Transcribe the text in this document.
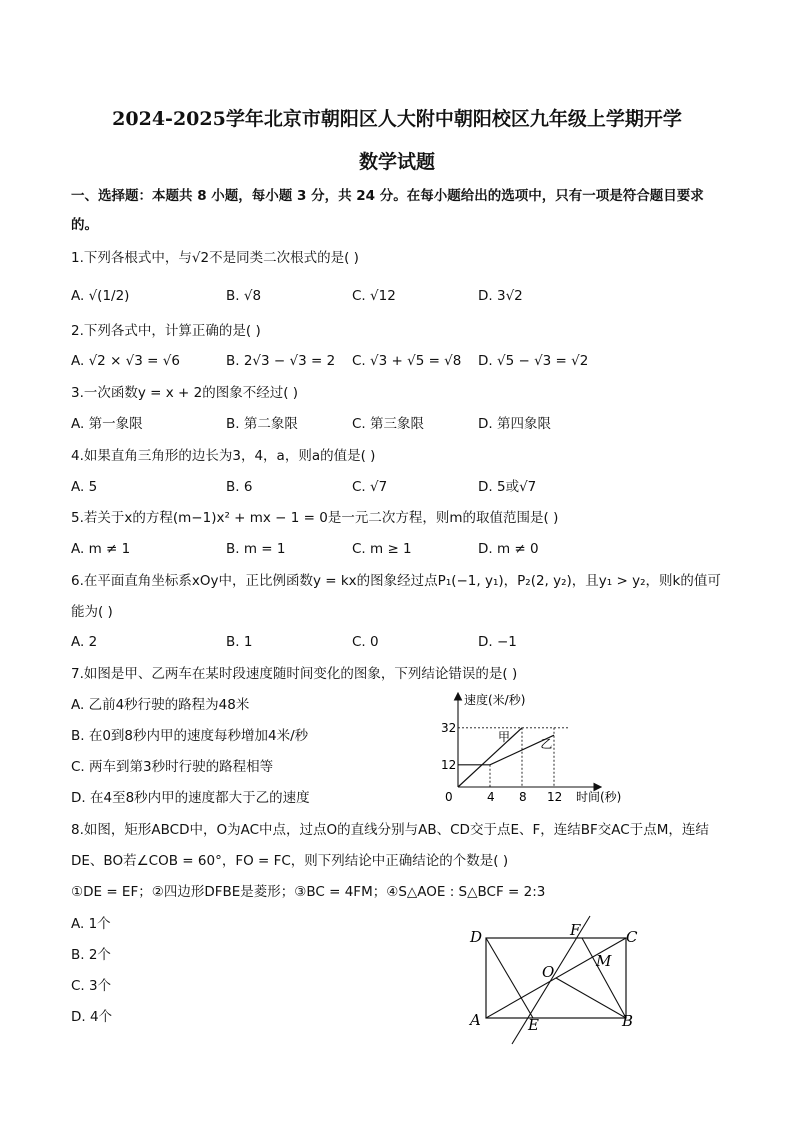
2024-2025学年北京市朝阳区人大附中朝阳校区九年级上学期开学
数学试题
一、选择题：本题共 8 小题，每小题 3 分，共 24 分。在每小题给出的选项中，只有一项是符合题目要求
的。
1.下列各根式中，与√2不是同类二次根式的是( )
A. √(1/2)	B. √8	C. √12	D. 3√2
2.下列各式中，计算正确的是( )
A. √2 × √3 = √6	B. 2√3 − √3 = 2 C. √3 + √5 = √8 D. √5 − √3 = √2
3.一次函数y = x + 2的图象不经过( )
A. 第一象限	B. 第二象限	C. 第三象限	D. 第四象限
4.如果直角三角形的边长为3，4，a，则a的值是( )
A. 5	B. 6	C. √7	D. 5或√7
5.若关于x的方程(m−1)x² + mx − 1 = 0是一元二次方程，则m的取值范围是( )
A. m ≠ 1	B. m = 1	C. m ≥ 1	D. m ≠ 0
6.在平面直角坐标系xOy中，正比例函数y = kx的图象经过点P₁(−1, y₁)，P₂(2, y₂)，且y₁ > y₂，则k的值可
能为( )
A. 2	B. 1	C. 0	D. −1
7.如图是甲、乙两车在某时段速度随时间变化的图象，下列结论错误的是( )
A. 乙前4秒行驶的路程为48米
B. 在0到8秒内甲的速度每秒增加4米/秒
C. 两车到第3秒时行驶的路程相等
D. 在4至8秒内甲的速度都大于乙的速度
速度(米/秒)
时间(秒)
0	4 8 12
12
32
甲
乙
8.如图，矩形ABCD中，O为AC中点，过点O的直线分别与AB、CD交于点E、F，连结BF交AC于点M，连结
DE、BO若∠COB = 60°，FO = FC，则下列结论中正确结论的个数是( )
①DE = EF；②四边形DFBE是菱形；③BC = 4FM；④S△AOE : S△BCF = 2:3
A. 1个
B. 2个
C. 3个
D. 4个
D	C
A	B
E
F
O
M
